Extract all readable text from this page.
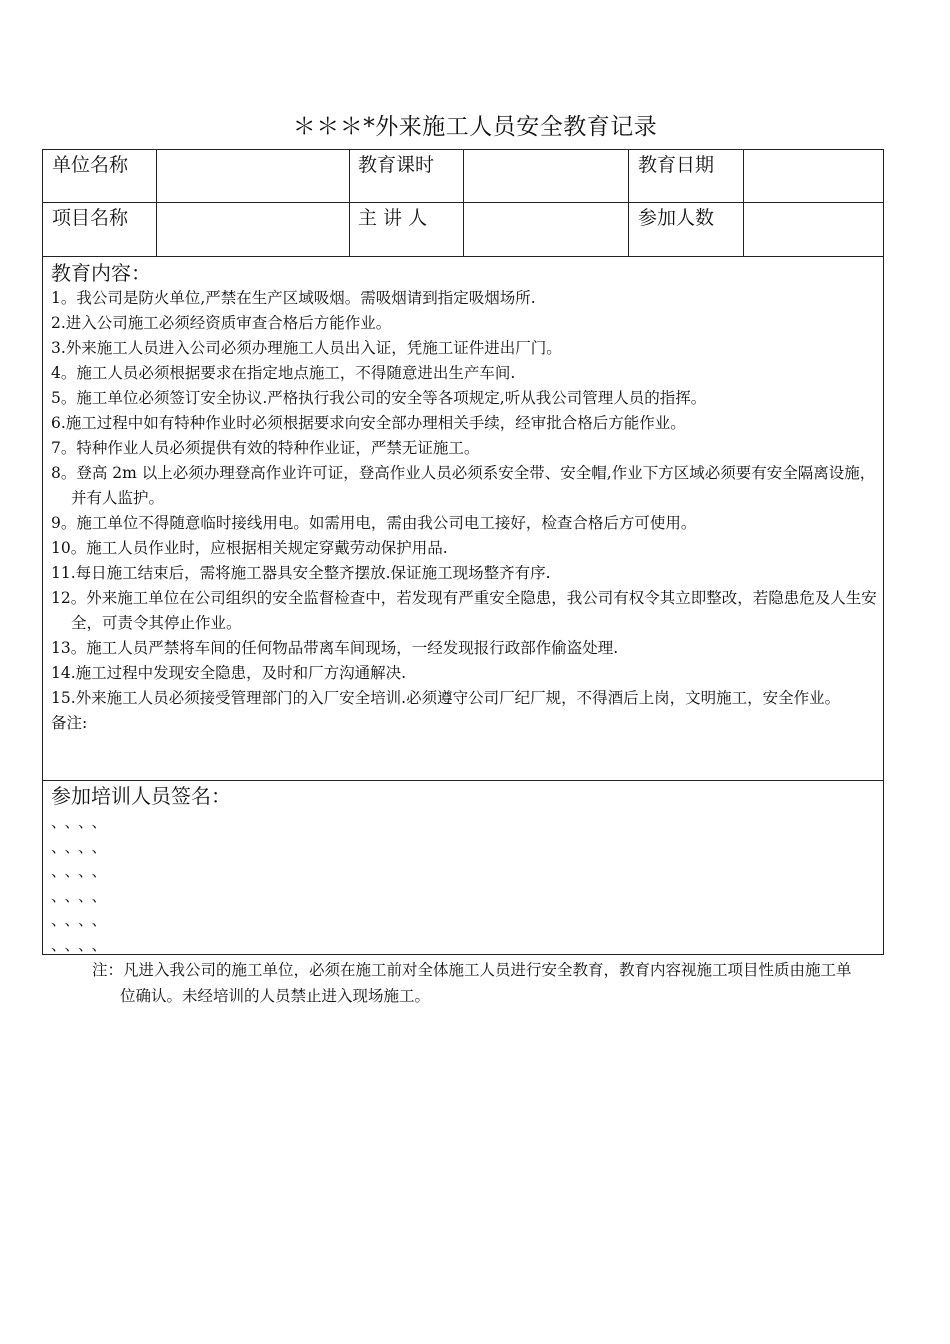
＊＊＊*外来施工人员安全教育记录
单位名称	教育课时	教育日期
项目名称	主 讲 人	参加人数
教育内容：
1。我公司是防火单位,严禁在生产区域吸烟。需吸烟请到指定吸烟场所.
2.进入公司施工必须经资质审查合格后方能作业。
3.外来施工人员进入公司必须办理施工人员出入证，凭施工证件进出厂门。
4。施工人员必须根据要求在指定地点施工，不得随意进出生产车间.
5。施工单位必须签订安全协议.严格执行我公司的安全等各项规定,听从我公司管理人员的指挥。
6.施工过程中如有特种作业时必须根据要求向安全部办理相关手续，经审批合格后方能作业。
7。特种作业人员必须提供有效的特种作业证，严禁无证施工。
8。登高 2m 以上必须办理登高作业许可证，登高作业人员必须系安全带、安全帽,作业下方区域必须要有安全隔离设施，并有人监护。
9。施工单位不得随意临时接线用电。如需用电，需由我公司电工接好，检查合格后方可使用。
10。施工人员作业时，应根据相关规定穿戴劳动保护用品.
11.每日施工结束后，需将施工器具安全整齐摆放.保证施工现场整齐有序.
12。外来施工单位在公司组织的安全监督检查中，若发现有严重安全隐患，我公司有权令其立即整改，若隐患危及人生安全，可责令其停止作业。
13。施工人员严禁将车间的任何物品带离车间现场，一经发现报行政部作偷盗处理.
14.施工过程中发现安全隐患，及时和厂方沟通解决.
15.外来施工人员必须接受管理部门的入厂安全培训.必须遵守公司厂纪厂规，不得酒后上岗，文明施工，安全作业。
备注:
参加培训人员签名：
、、、、
、、、、
、、、、
、、、、
、、、、
、、、、
注：凡进入我公司的施工单位，必须在施工前对全体施工人员进行安全教育，教育内容视施工项目性质由施工单位确认。未经培训的人员禁止进入现场施工。
